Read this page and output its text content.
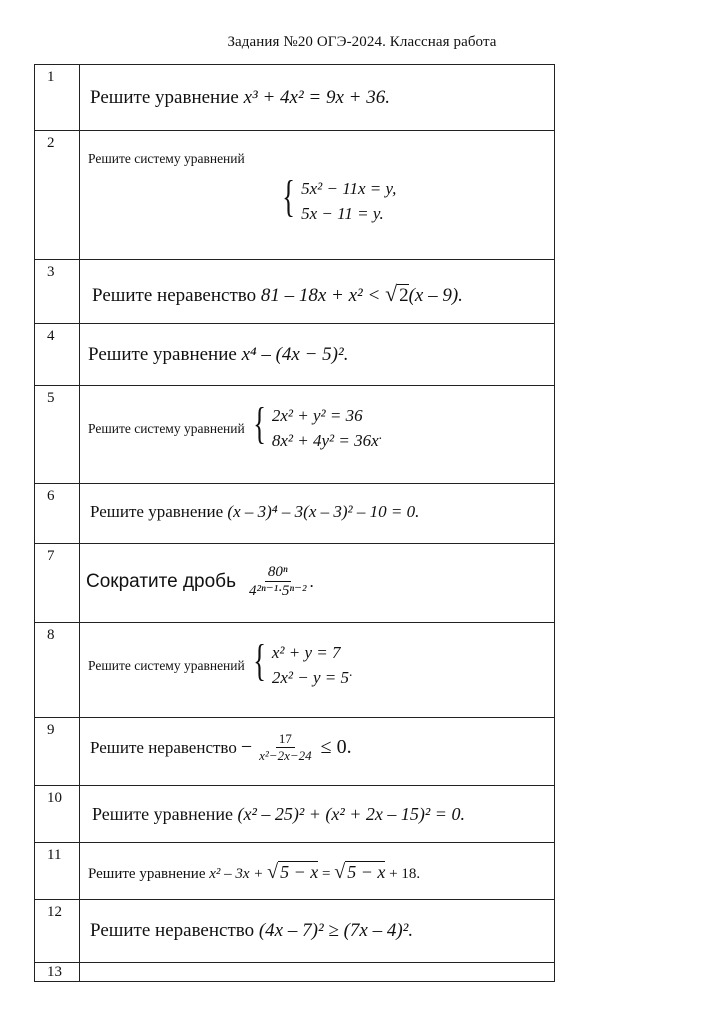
Задания №20 ОГЭ-2024. Классная работа
1	Решите уравнение x³ + 4x² = 9x + 36.

2	Решите систему уравнений
{ 5x² − 11x = y,
5x − 11 = y.

3	Решите неравенство 81 – 18x + x² < √ 2(x – 9).

4	Решите уравнение x⁴ – (4x − 5)².

5	Решите систему уравнений { 2x² + y² = 36
8x² + 4y² = 36x .

6	Решите уравнение (x – 3)⁴ – 3(x – 3)² – 10 = 0.

7	Сократите дробь $\frac{\text{80ⁿ}}{\text{4²ⁿ⁻¹·5ⁿ⁻²}}$ .

8	Решите систему уравнений { x² + y = 7
2x² − y = 5 .

9	Решите неравенство − $\frac{17}{\text{x²−2x−24}} \le 0$.

10	Решите уравнение (x² – 25)² + (x² + 2x – 15)² = 0.

11	Решите уравнение x² – 3x + √ 5 − x = √ 5 − x + 18.

12	Решите неравенство (4x – 7)² ≥ (7x – 4)².

13	
